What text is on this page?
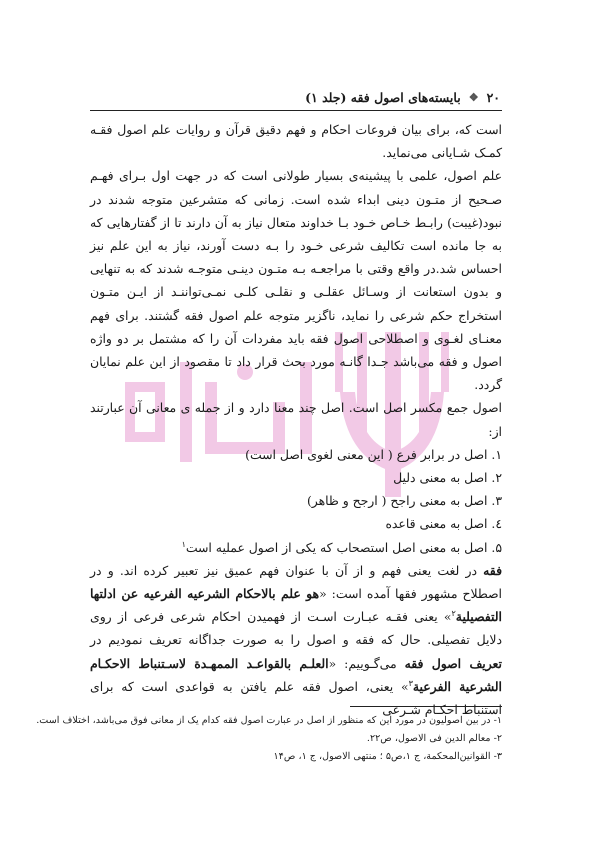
۲۰
❖
بایسته‌های اصول فقه (جلد ۱)

است که، برای بیان فروعات احکام و فهم دقیق قرآن و روایات علم اصول فقـه کمـک شـایانی می‌نماید.

علم اصول، علمی با پیشینه‌ی بسیار طولانی است که در جهت اول بـرای فهـم صـحیح از متـون دینی ابداء شده است. زمانی که متشرعین متوجه شدند در نبود(غیبت) رابـط خـاص خـود بـا خداوند متعال نیاز به آن دارند تا از گفتارهایی که به جا مانده است تکالیف شرعی خـود را بـه دست آورند، نیاز به این علم نیز احساس شد.در واقع وقتی با مراجعـه بـه متـون دینـی متوجـه شدند که به تنهایی و بدون استعانت از وسـائل عقلـی و نقلـی کلـی نمـی‌تواننـد از ایـن متـون استخراج حکم شرعی را نماید، ناگزیر متوجه علم اصول فقه گشتند. برای فهم معنـای لغـوی و اصطلاحی اصول فقه باید مفردات آن را که مشتمل بر دو واژه اصول و فقه می‌باشد جـدا گانـه مورد بحث قرار داد تا مقصود از این علم نمایان گردد.

اصول جمع مکسر اصل است. اصل چند معنا دارد و از جمله ی معانی آن عبارتند از:

۱. اصل در برابر فرع ( این معنی لغوی اصل است)
۲. اصل به معنی دلیل
۳. اصل به معنی راجح ( ارجح و ظاهر)
٤. اصل به معنی قاعده
۵. اصل به معنی اصل استصحاب که یکی از اصول عملیه است$^۱$

فقه در لغت یعنی فهم و از آن با عنوان فهم عمیق نیز تعبیر کرده اند. و در اصطلاح مشهور فقها آمده است: «هو علم بالاحکام الشرعیه الفرعیه عن ادلتها التفصیلیة$^۲$» یعنی فقـه عبـارت اسـت از فهمیدن احکام شرعی فرعی از روی دلایل تفصیلی. حال که فقه و اصول را به صورت جداگانه تعریف نمودیم در تعریف اصول فقه می‌گـوییم: «العلـم بالقواعـد الممهـدة لاسـتنباط الاحکـام الشرعیة الفرعیة$^۳$» یعنی، اصول فقه علم یافتن به قواعدی است که برای استنباط احکـام شـرعی

۱- در بین اصولیون در مورد این که منظور از اصل در عبارت اصول فقه کدام یک از معانی فوق می‌باشد، اختلاف است.
۲- معالم الدین فی الاصول، ص۲۲.
۳- القوانین‌المحکمة، ج ۱،ص۵ ؛ منتهی الاصول، ج ۱، ص۱۴
